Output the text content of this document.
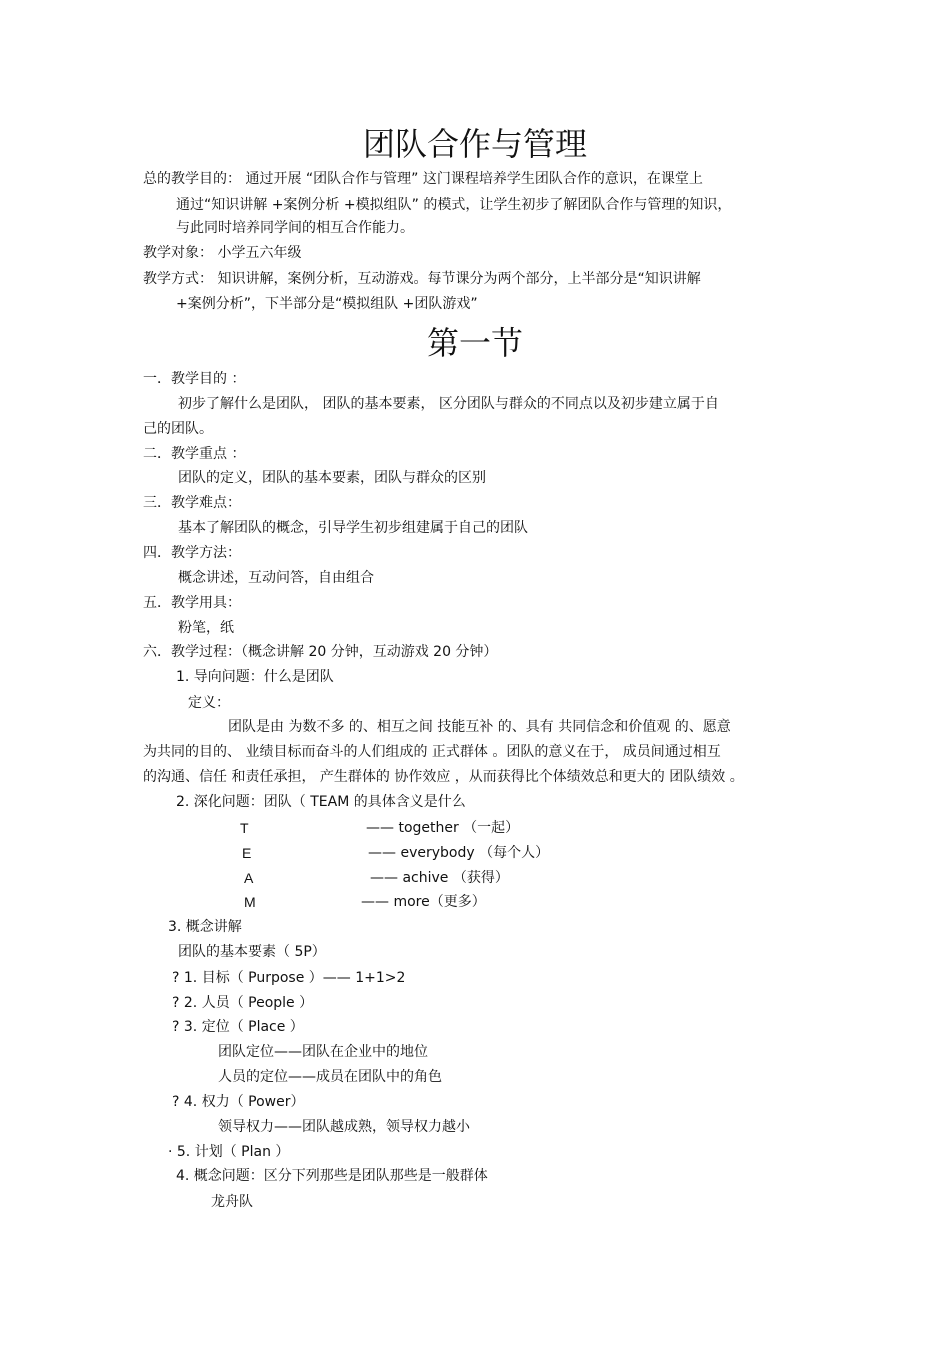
团队合作与管理
总的教学目的： 通过开展 “团队合作与管理” 这门课程培养学生团队合作的意识，在课堂上
通过“知识讲解 +案例分析 +模拟组队” 的模式，让学生初步了解团队合作与管理的知识，
与此同时培养同学间的相互合作能力。
教学对象： 小学五六年级
教学方式： 知识讲解，案例分析，互动游戏。每节课分为两个部分，上半部分是“知识讲解
+案例分析”，下半部分是“模拟组队 +团队游戏”
第一节
一．教学目的 ：
初步了解什么是团队， 团队的基本要素， 区分团队与群众的不同点以及初步建立属于自
己的团队。
二．教学重点 ：
团队的定义，团队的基本要素，团队与群众的区别
三．教学难点：
基本了解团队的概念，引导学生初步组建属于自己的团队
四．教学方法：
概念讲述，互动问答，自由组合
五．教学用具：
粉笔，纸
六．教学过程：（概念讲解 20 分钟，互动游戏 20 分钟）
1. 导向问题：什么是团队
定义：
团队是由 为数不多 的、相互之间 技能互补 的、具有 共同信念和价值观 的、愿意
为共同的目的、 业绩目标而奋斗的人们组成的 正式群体 。团队的意义在于， 成员间通过相互
的沟通、信任 和责任承担， 产生群体的 协作效应 ，从而获得比个体绩效总和更大的 团队绩效 。
2. 深化问题：团队（ TEAM 的具体含义是什么
T	—— together （一起）
E	—— everybody （每个人）
A	—— achive （获得）
M	—— more（更多）
3. 概念讲解
团队的基本要素（ 5P）
? 1. 目标（ Purpose ）—— 1+1>2
? 2. 人员（ People ）
? 3. 定位（ Place ）
团队定位——团队在企业中的地位
人员的定位——成员在团队中的角色
? 4. 权力（ Power）
领导权力——团队越成熟，领导权力越小
· 5. 计划（ Plan ）
4. 概念问题：区分下列那些是团队那些是一般群体
龙舟队
